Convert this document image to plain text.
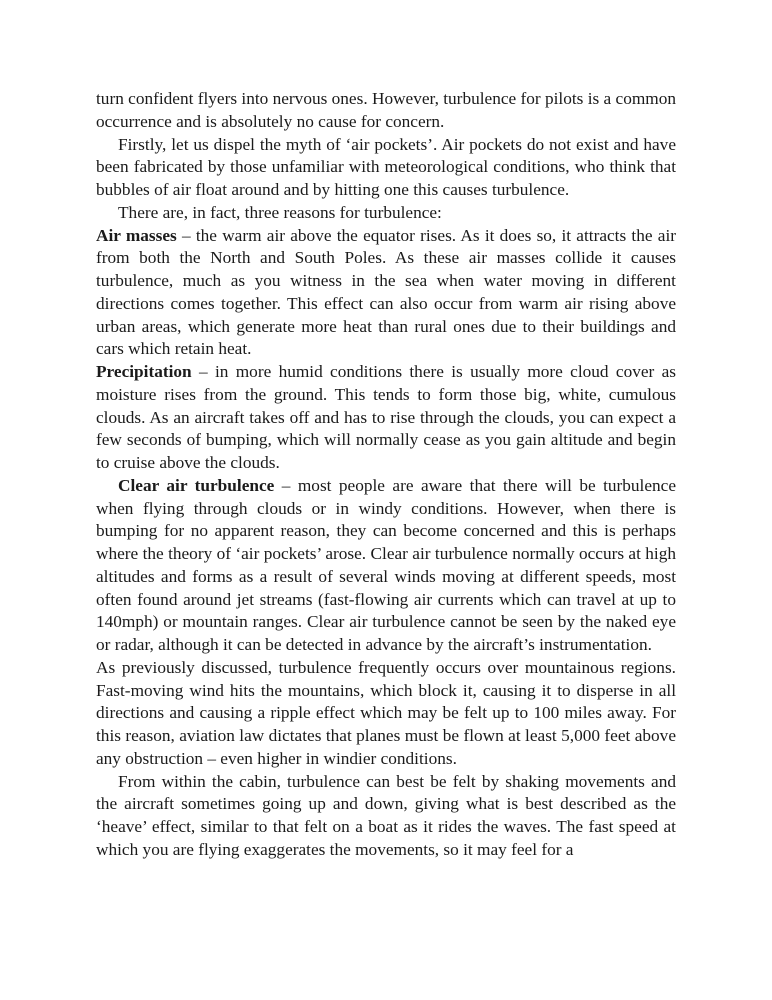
turn confident flyers into nervous ones. However, turbulence for pilots is a common occurrence and is absolutely no cause for concern.

Firstly, let us dispel the myth of ‘air pockets’. Air pockets do not exist and have been fabricated by those unfamiliar with meteorological conditions, who think that bubbles of air float around and by hitting one this causes turbulence.

There are, in fact, three reasons for turbulence:

Air masses – the warm air above the equator rises. As it does so, it attracts the air from both the North and South Poles. As these air masses collide it causes turbulence, much as you witness in the sea when water moving in different directions comes together. This effect can also occur from warm air rising above urban areas, which generate more heat than rural ones due to their buildings and cars which retain heat.

Precipitation – in more humid conditions there is usually more cloud cover as moisture rises from the ground. This tends to form those big, white, cumulous clouds. As an aircraft takes off and has to rise through the clouds, you can expect a few seconds of bumping, which will normally cease as you gain altitude and begin to cruise above the clouds.

Clear air turbulence – most people are aware that there will be turbulence when flying through clouds or in windy conditions. However, when there is bumping for no apparent reason, they can become concerned and this is perhaps where the theory of ‘air pockets’ arose. Clear air turbulence normally occurs at high altitudes and forms as a result of several winds moving at different speeds, most often found around jet streams (fast-flowing air currents which can travel at up to 140mph) or mountain ranges. Clear air turbulence cannot be seen by the naked eye or radar, although it can be detected in advance by the aircraft’s instrumentation.

As previously discussed, turbulence frequently occurs over mountainous regions. Fast-moving wind hits the mountains, which block it, causing it to disperse in all directions and causing a ripple effect which may be felt up to 100 miles away. For this reason, aviation law dictates that planes must be flown at least 5,000 feet above any obstruction – even higher in windier conditions.

From within the cabin, turbulence can best be felt by shaking movements and the aircraft sometimes going up and down, giving what is best described as the ‘heave’ effect, similar to that felt on a boat as it rides the waves. The fast speed at which you are flying exaggerates the movements, so it may feel for a
